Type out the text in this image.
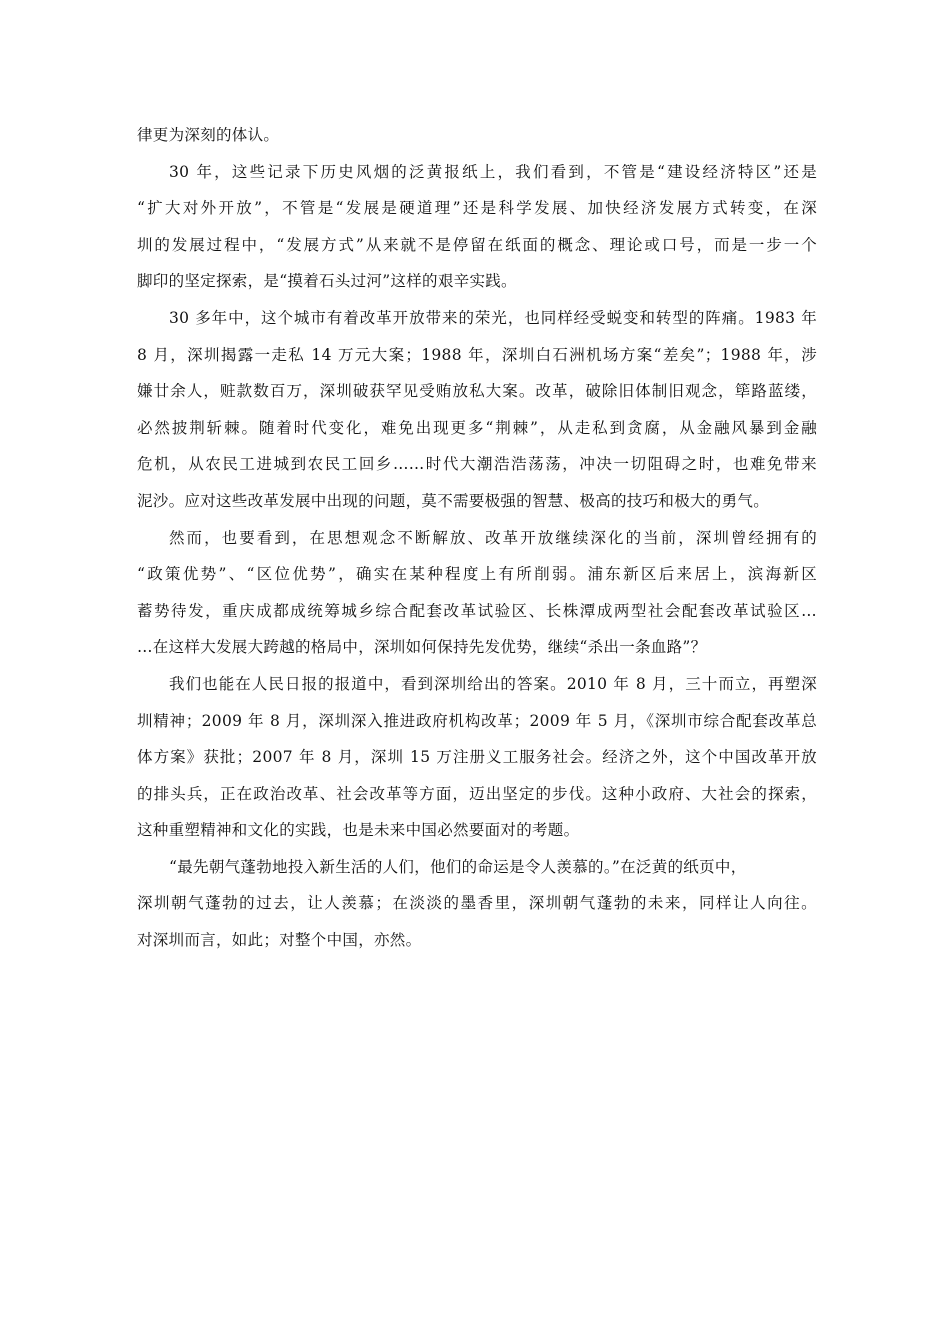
律更为深刻的体认。
30 年，这些记录下历史风烟的泛黄报纸上，我们看到，不管是“建设经济特区”还是
“扩大对外开放”，不管是“发展是硬道理”还是科学发展、加快经济发展方式转变，在深
圳的发展过程中，“发展方式”从来就不是停留在纸面的概念、理论或口号，而是一步一个
脚印的坚定探索，是“摸着石头过河”这样的艰辛实践。
30 多年中，这个城市有着改革开放带来的荣光，也同样经受蜕变和转型的阵痛。1983 年
8 月，深圳揭露一走私 14 万元大案；1988 年，深圳白石洲机场方案“差矣”；1988 年，涉
嫌廿余人，赃款数百万，深圳破获罕见受贿放私大案。改革，破除旧体制旧观念，筚路蓝缕，
必然披荆斩棘。随着时代变化，难免出现更多“荆棘”，从走私到贪腐，从金融风暴到金融
危机，从农民工进城到农民工回乡……时代大潮浩浩荡荡，冲决一切阻碍之时，也难免带来
泥沙。应对这些改革发展中出现的问题，莫不需要极强的智慧、极高的技巧和极大的勇气。
然而，也要看到，在思想观念不断解放、改革开放继续深化的当前，深圳曾经拥有的
“政策优势”、“区位优势”，确实在某种程度上有所削弱。浦东新区后来居上，滨海新区
蓄势待发，重庆成都成统筹城乡综合配套改革试验区、长株潭成两型社会配套改革试验区…
…在这样大发展大跨越的格局中，深圳如何保持先发优势，继续“杀出一条血路”？
我们也能在人民日报的报道中，看到深圳给出的答案。2010 年 8 月，三十而立，再塑深
圳精神；2009 年 8 月，深圳深入推进政府机构改革；2009 年 5 月，《深圳市综合配套改革总
体方案》获批；2007 年 8 月，深圳 15 万注册义工服务社会。经济之外，这个中国改革开放
的排头兵，正在政治改革、社会改革等方面，迈出坚定的步伐。这种小政府、大社会的探索，
这种重塑精神和文化的实践，也是未来中国必然要面对的考题。
“最先朝气蓬勃地投入新生活的人们，他们的命运是令人羡慕的。”在泛黄的纸页中，
深圳朝气蓬勃的过去，让人羡慕；在淡淡的墨香里，深圳朝气蓬勃的未来，同样让人向往。
对深圳而言，如此；对整个中国，亦然。
